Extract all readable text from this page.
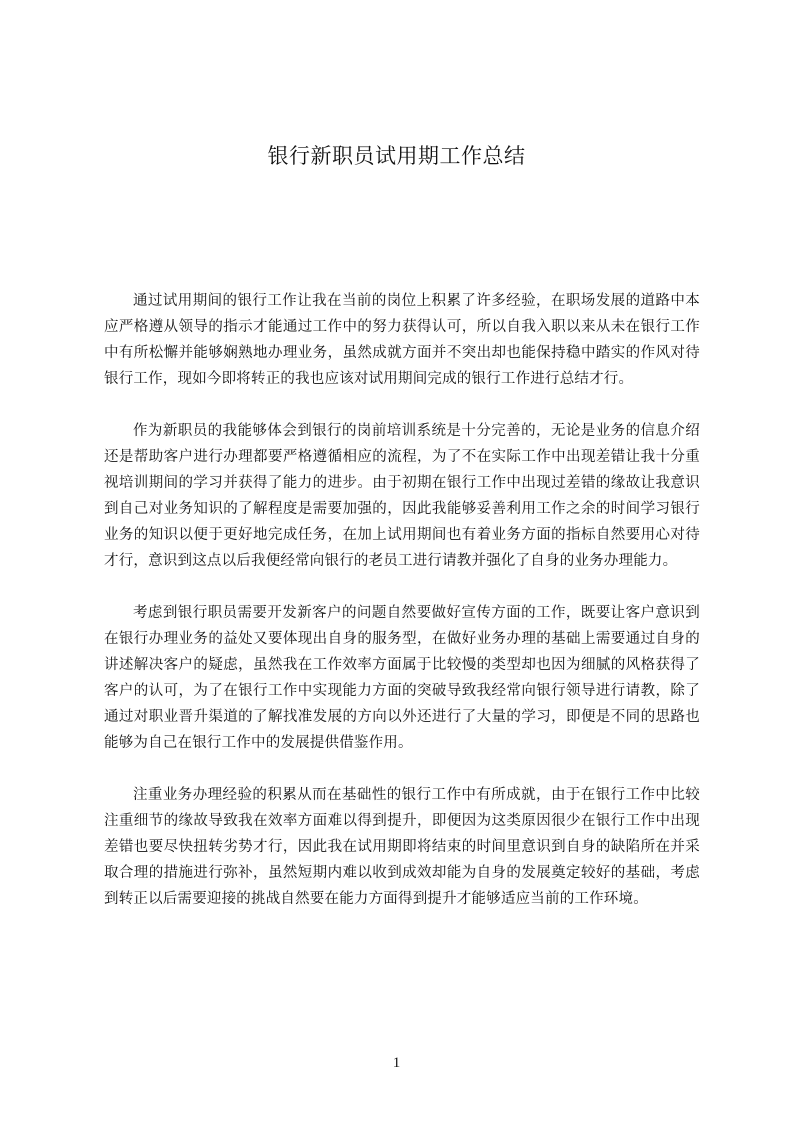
银行新职员试用期工作总结

通过试用期间的银行工作让我在当前的岗位上积累了许多经验，在职场发展的道路中本应严格遵从领导的指示才能通过工作中的努力获得认可，所以自我入职以来从未在银行工作中有所松懈并能够娴熟地办理业务，虽然成就方面并不突出却也能保持稳中踏实的作风对待银行工作，现如今即将转正的我也应该对试用期间完成的银行工作进行总结才行。

作为新职员的我能够体会到银行的岗前培训系统是十分完善的，无论是业务的信息介绍还是帮助客户进行办理都要严格遵循相应的流程，为了不在实际工作中出现差错让我十分重视培训期间的学习并获得了能力的进步。由于初期在银行工作中出现过差错的缘故让我意识到自己对业务知识的了解程度是需要加强的，因此我能够妥善利用工作之余的时间学习银行业务的知识以便于更好地完成任务，在加上试用期间也有着业务方面的指标自然要用心对待才行，意识到这点以后我便经常向银行的老员工进行请教并强化了自身的业务办理能力。

考虑到银行职员需要开发新客户的问题自然要做好宣传方面的工作，既要让客户意识到在银行办理业务的益处又要体现出自身的服务型，在做好业务办理的基础上需要通过自身的讲述解决客户的疑虑，虽然我在工作效率方面属于比较慢的类型却也因为细腻的风格获得了客户的认可，为了在银行工作中实现能力方面的突破导致我经常向银行领导进行请教，除了通过对职业晋升渠道的了解找准发展的方向以外还进行了大量的学习，即便是不同的思路也能够为自己在银行工作中的发展提供借鉴作用。

注重业务办理经验的积累从而在基础性的银行工作中有所成就，由于在银行工作中比较注重细节的缘故导致我在效率方面难以得到提升，即便因为这类原因很少在银行工作中出现差错也要尽快扭转劣势才行，因此我在试用期即将结束的时间里意识到自身的缺陷所在并采取合理的措施进行弥补，虽然短期内难以收到成效却能为自身的发展奠定较好的基础，考虑到转正以后需要迎接的挑战自然要在能力方面得到提升才能够适应当前的工作环境。

1
